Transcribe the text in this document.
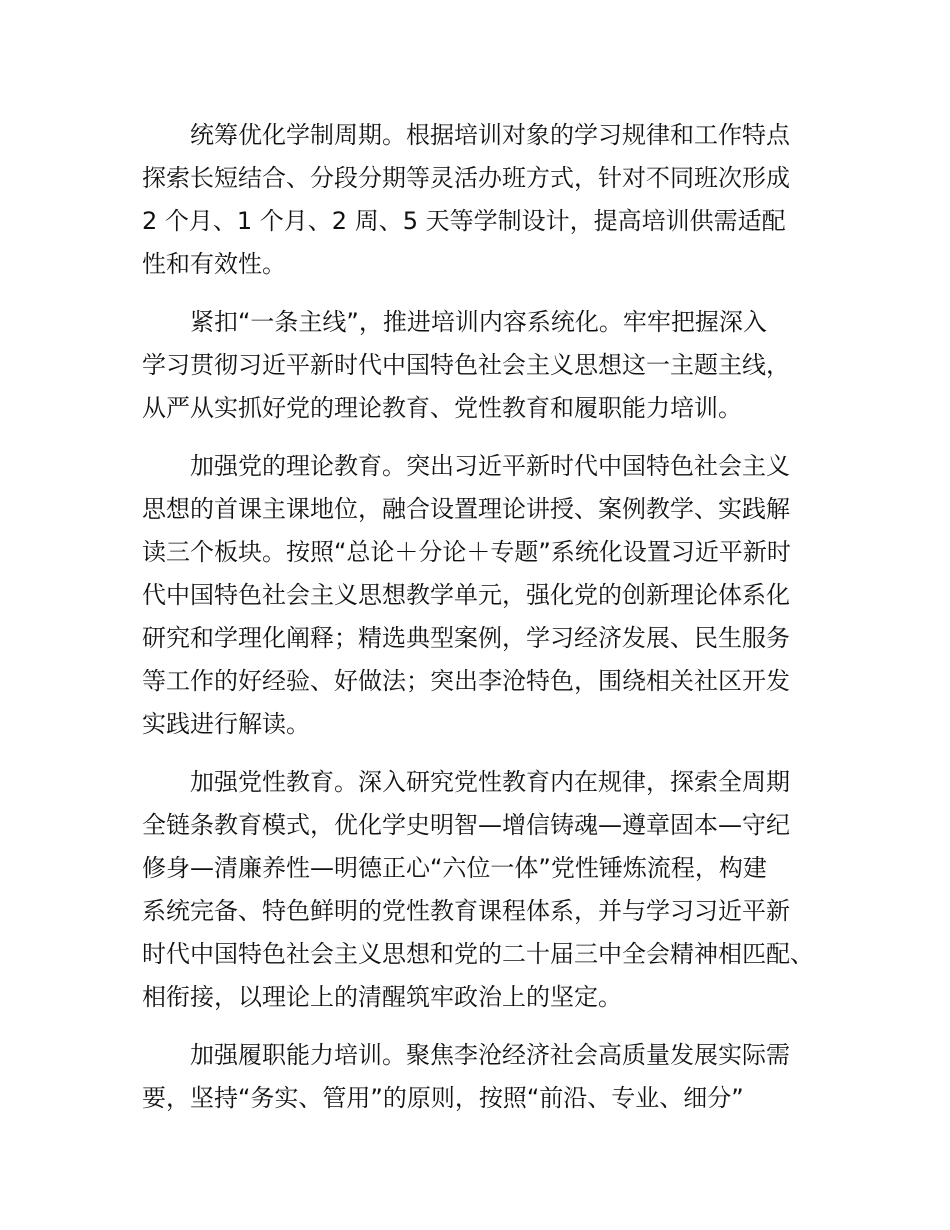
统筹优化学制周期。根据培训对象的学习规律和工作特点
探索长短结合、分段分期等灵活办班方式，针对不同班次形成
2 个月、1 个月、2 周、5 天等学制设计，提高培训供需适配
性和有效性。

紧扣“一条主线”，推进培训内容系统化。牢牢把握深入
学习贯彻习近平新时代中国特色社会主义思想这一主题主线，
从严从实抓好党的理论教育、党性教育和履职能力培训。

加强党的理论教育。突出习近平新时代中国特色社会主义
思想的首课主课地位，融合设置理论讲授、案例教学、实践解
读三个板块。按照“总论＋分论＋专题”系统化设置习近平新时
代中国特色社会主义思想教学单元，强化党的创新理论体系化
研究和学理化阐释；精选典型案例，学习经济发展、民生服务
等工作的好经验、好做法；突出李沧特色，围绕相关社区开发
实践进行解读。

加强党性教育。深入研究党性教育内在规律，探索全周期
全链条教育模式，优化学史明智—增信铸魂—遵章固本—守纪
修身—清廉养性—明德正心“六位一体”党性锤炼流程，构建
系统完备、特色鲜明的党性教育课程体系，并与学习习近平新
时代中国特色社会主义思想和党的二十届三中全会精神相匹配、
相衔接，以理论上的清醒筑牢政治上的坚定。

加强履职能力培训。聚焦李沧经济社会高质量发展实际需
要，坚持“务实、管用”的原则，按照“前沿、专业、细分”
